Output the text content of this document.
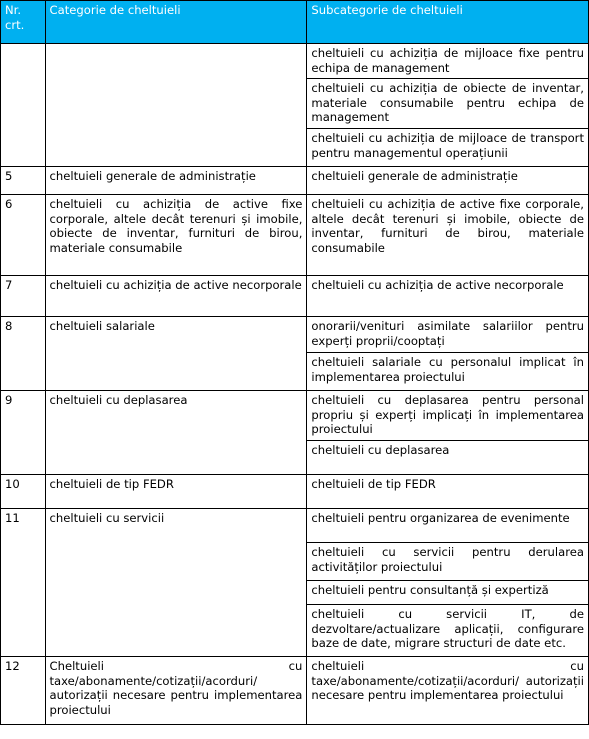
Nr. crt.	Categorie de cheltuieli	Subcategorie de cheltuieli
		cheltuieli cu achiziția de mijloace fixe pentru echipa de management
		cheltuieli cu achiziția de obiecte de inventar, materiale consumabile pentru echipa de management
		cheltuieli cu achiziția de mijloace de transport pentru managementul operațiunii
5	cheltuieli generale de administrație	cheltuieli generale de administrație
6	cheltuieli cu achiziția de active fixe corporale, altele decât terenuri și imobile, obiecte de inventar, furnituri de birou, materiale consumabile	cheltuieli cu achiziția de active fixe corporale, altele decât terenuri și imobile, obiecte de inventar, furnituri de birou, materiale consumabile
7	cheltuieli cu achiziția de active necorporale	cheltuieli cu achiziția de active necorporale
8	cheltuieli salariale	onorarii/venituri asimilate salariilor pentru experți proprii/cooptați
		cheltuieli salariale cu personalul implicat în implementarea proiectului
9	cheltuieli cu deplasarea	cheltuieli cu deplasarea pentru personal propriu și experți implicați în implementarea proiectului
		cheltuieli cu deplasarea
10	cheltuieli de tip FEDR	cheltuieli de tip FEDR
11	cheltuieli cu servicii	cheltuieli pentru organizarea de evenimente
		cheltuieli cu servicii pentru derularea activităților proiectului
		cheltuieli pentru consultanță și expertiză
		cheltuieli cu servicii IT, de dezvoltare/actualizare aplicații, configurare baze de date, migrare structuri de date etc.
12	Cheltuieli cu taxe/abonamente/cotizații/acorduri/ autorizații necesare pentru implementarea proiectului	cheltuieli cu taxe/abonamente/cotizații/acorduri/ autorizații necesare pentru implementarea proiectului
